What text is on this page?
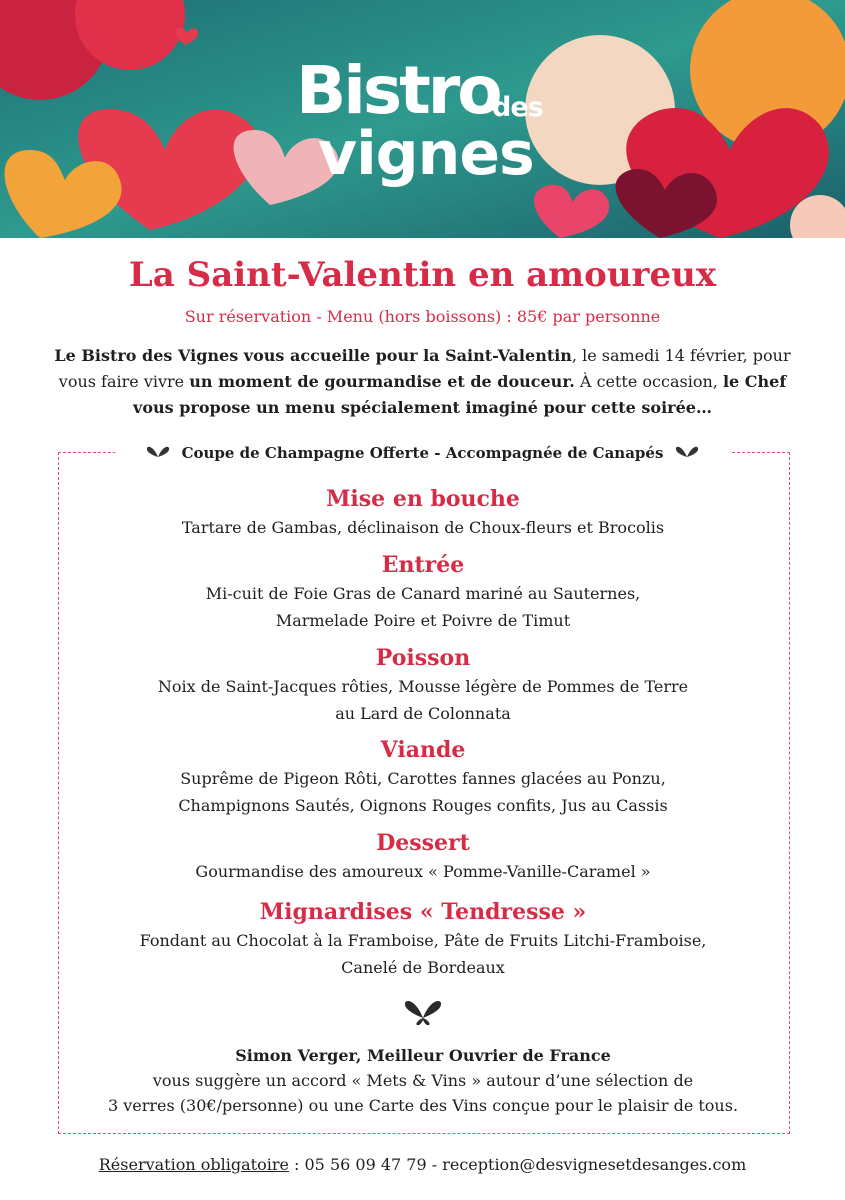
Bistro
des
vignes
La Saint-Valentin en amoureux
Sur réservation - Menu (hors boissons) : 85€ par personne
Le Bistro des Vignes vous accueille pour la Saint-Valentin, le samedi 14 février, pour vous faire vivre un moment de gourmandise et de douceur. À cette occasion, le Chef vous propose un menu spécialement imaginé pour cette soirée…
Coupe de Champagne Offerte - Accompagnée de Canapés
Mise en bouche
Tartare de Gambas, déclinaison de Choux-fleurs et Brocolis
Entrée
Mi-cuit de Foie Gras de Canard mariné au Sauternes,
Marmelade Poire et Poivre de Timut
Poisson
Noix de Saint-Jacques rôties, Mousse légère de Pommes de Terre
au Lard de Colonnata
Viande
Suprême de Pigeon Rôti, Carottes fannes glacées au Ponzu,
Champignons Sautés, Oignons Rouges confits, Jus au Cassis
Dessert
Gourmandise des amoureux « Pomme-Vanille-Caramel »
Mignardises « Tendresse »
Fondant au Chocolat à la Framboise, Pâte de Fruits Litchi-Framboise,
Canelé de Bordeaux
Simon Verger, Meilleur Ouvrier de France
vous suggère un accord « Mets & Vins » autour d’une sélection de
3 verres (30€/personne) ou une Carte des Vins conçue pour le plaisir de tous.
Réservation obligatoire : 05 56 09 47 79 - reception@desvignesetdesanges.com
